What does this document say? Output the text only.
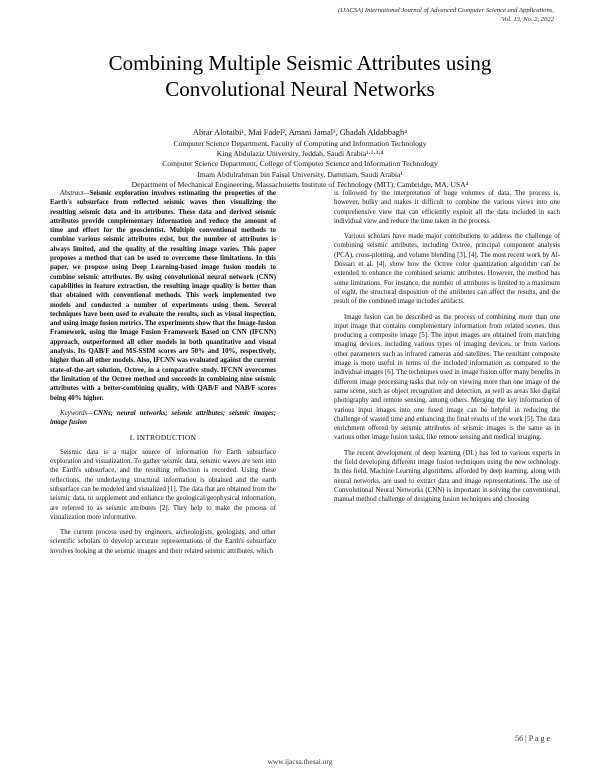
(IJACSA) International Journal of Advanced Computer Science and Applications,
Vol. 13, No. 2, 2022
Combining Multiple Seismic Attributes using
Convolutional Neural Networks
Abrar Alotaibi¹, Mai Fadel², Amani Jamal³, Ghadah Aldabbagh⁴
Computer Science Department, Faculty of Computing and Information Technology
King Abdulaziz University, Jeddah, Saudi Arabia¹·²·³·⁴
Computer Science Department, College of Computer Science and Information Technology
Imam Abdulrahman bin Faisal University, Dammam, Saudi Arabia¹
Department of Mechanical Engineering, Massachusetts Institute of Technology (MIT), Cambridge, MA, USA⁴

Abstract—Seismic exploration involves estimating the properties of the Earth's subsurface from reflected seismic waves then visualizing the resulting seismic data and its attributes. These data and derived seismic attributes provide complementary information and reduce the amount of time and effort for the geoscientist. Multiple conventional methods to combine various seismic attributes exist, but the number of attributes is always limited, and the quality of the resulting image varies. This paper proposes a method that can be used to overcome these limitations. In this paper, we propose using Deep Learning-based image fusion models to combine seismic attributes. By using convolutional neural network (CNN) capabilities in feature extraction, the resulting image quality is better than that obtained with conventional methods. This work implemented two models and conducted a number of experiments using them. Several techniques have been used to evaluate the results, such as visual inspection, and using image fusion metrics. The experiments show that the Image-fusion Framework, using the Image Fusion Framework Based on CNN (IFCNN) approach, outperformed all other models in both quantitative and visual analysis. Its QAB/F and MS-SSIM scores are 50% and 10%, respectively, higher than all other models. Also, IFCNN was evaluated against the current state-of-the-art solution, Octree, in a comparative study. IFCNN overcomes the limitation of the Octree method and succeeds in combining nine seismic attributes with a better-combining quality, with QAB/F and NAB/F scores being 40% higher.

Keywords—CNNs; neural networks; seismic attributes; seismic images; image fusion

I. INTRODUCTION

Seismic data is a major source of information for Earth subsurface exploration and visualization. To gather seismic data, seismic waves are sent into the Earth's subsurface, and the resulting reflection is recorded. Using these reflections, the underlaying structural information is obtained and the earth subsurface can be modeled and visualized [1]. The data that are obtained from the seismic data, to supplement and enhance the geological/geophysical information, are referred to as seismic attributes [2]. They help to make the process of visualization more informative.

The current process used by engineers, archeologists, geologists, and other scientific scholars to develop accurate representations of the Earth's subsurface involves looking at the seismic images and their related seismic attributes, which

is followed by the interpretation of huge volumes of data. The process is, however, bulky and makes it difficult to combine the various views into one comprehensive view that can efficiently exploit all the data included in each individual view and reduce the time taken in the process.

Various scholars have made major contributions to address the challenge of combining seismic attributes, including Octree, principal component analysis (PCA), cross-plotting, and volume blending [3], [4]. The most recent work by Al-Dossari et al. [4], show how the Octree color quantization algorithm can be extended to enhance the combined seismic attributes. However, the method has some limitations. For instance, the number of attributes is limited to a maximum of eight, the structural disposition of the attributes can affect the results, and the result of the combined image includes artifacts.

Image fusion can be described as the process of combining more than one input image that contains complementary information from related scenes, thus producing a composite image [5]. The input images are obtained from matching imaging devices, including various types of imaging devices, or from various other parameters such as infrared cameras and satellites. The resultant composite image is more useful in terms of the included information as compared to the individual images [6]. The techniques used in image fusion offer many benefits in different image processing tasks that rely on viewing more than one image of the same scene, such as object recognition and detection, as well as areas like digital photography and remote sensing, among others. Merging the key information of various input images into one fused image can be helpful in reducing the challenge of wasted time and enhancing the final results of the work [5]. The data enrichment offered by seismic attributes of seismic images is the same as in various other image fusion tasks, like remote sensing and medical imaging.

The recent development of deep learning (DL) has led to various experts in the field developing different image fusion techniques using the new technology. In this field, Machine Learning algorithms, afforded by deep learning, along with neural networks, are used to extract data and image representations. The use of Convolutional Neural Networks (CNN) is important in solving the conventional, manual method challenge of designing fusion techniques and choosing

56 | P a g e
www.ijacsa.thesai.org
